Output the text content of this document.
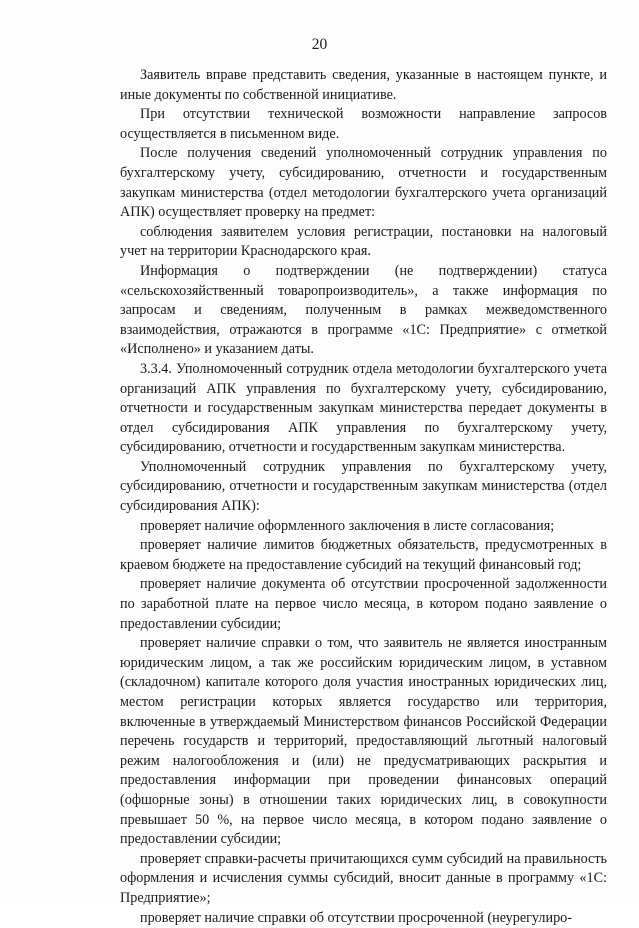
20

Заявитель вправе представить сведения, указанные в настоящем пункте, и иные документы по собственной инициативе.

При отсутствии технической возможности направление запросов осуществляется в письменном виде.

После получения сведений уполномоченный сотрудник управления по бухгалтерскому учету, субсидированию, отчетности и государственным закупкам министерства (отдел методологии бухгалтерского учета организаций АПК) осуществляет проверку на предмет:

соблюдения заявителем условия регистрации, постановки на налоговый учет на территории Краснодарского края.

Информация о подтверждении (не подтверждении) статуса «сельскохозяйственный товаропроизводитель», а также информация по запросам и сведениям, полученным в рамках межведомственного взаимодействия, отражаются в программе «1С: Предприятие» с отметкой «Исполнено» и указанием даты.

3.3.4. Уполномоченный сотрудник отдела методологии бухгалтерского учета организаций АПК управления по бухгалтерскому учету, субсидированию, отчетности и государственным закупкам министерства передает документы в отдел субсидирования АПК управления по бухгалтерскому учету, субсидированию, отчетности и государственным закупкам министерства.

Уполномоченный сотрудник управления по бухгалтерскому учету, субсидированию, отчетности и государственным закупкам министерства (отдел субсидирования АПК):

проверяет наличие оформленного заключения в листе согласования;

проверяет наличие лимитов бюджетных обязательств, предусмотренных в краевом бюджете на предоставление субсидий на текущий финансовый год;

проверяет наличие документа об отсутствии просроченной задолженности по заработной плате на первое число месяца, в котором подано заявление о предоставлении субсидии;

проверяет наличие справки о том, что заявитель не является иностранным юридическим лицом, а так же российским юридическим лицом, в уставном (складочном) капитале которого доля участия иностранных юридических лиц, местом регистрации которых является государство или территория, включенные в утверждаемый Министерством финансов Российской Федерации перечень государств и территорий, предоставляющий льготный налоговый режим налогообложения и (или) не предусматривающих раскрытия и предоставления информации при проведении финансовых операций (офшорные зоны) в отношении таких юридических лиц, в совокупности превышает 50 %, на первое число месяца, в котором подано заявление о предоставлении субсидии;

проверяет справки-расчеты причитающихся сумм субсидий на правильность оформления и исчисления суммы субсидий, вносит данные в программу «1С: Предприятие»;

проверяет наличие справки об отсутствии просроченной (неурегулиро-
